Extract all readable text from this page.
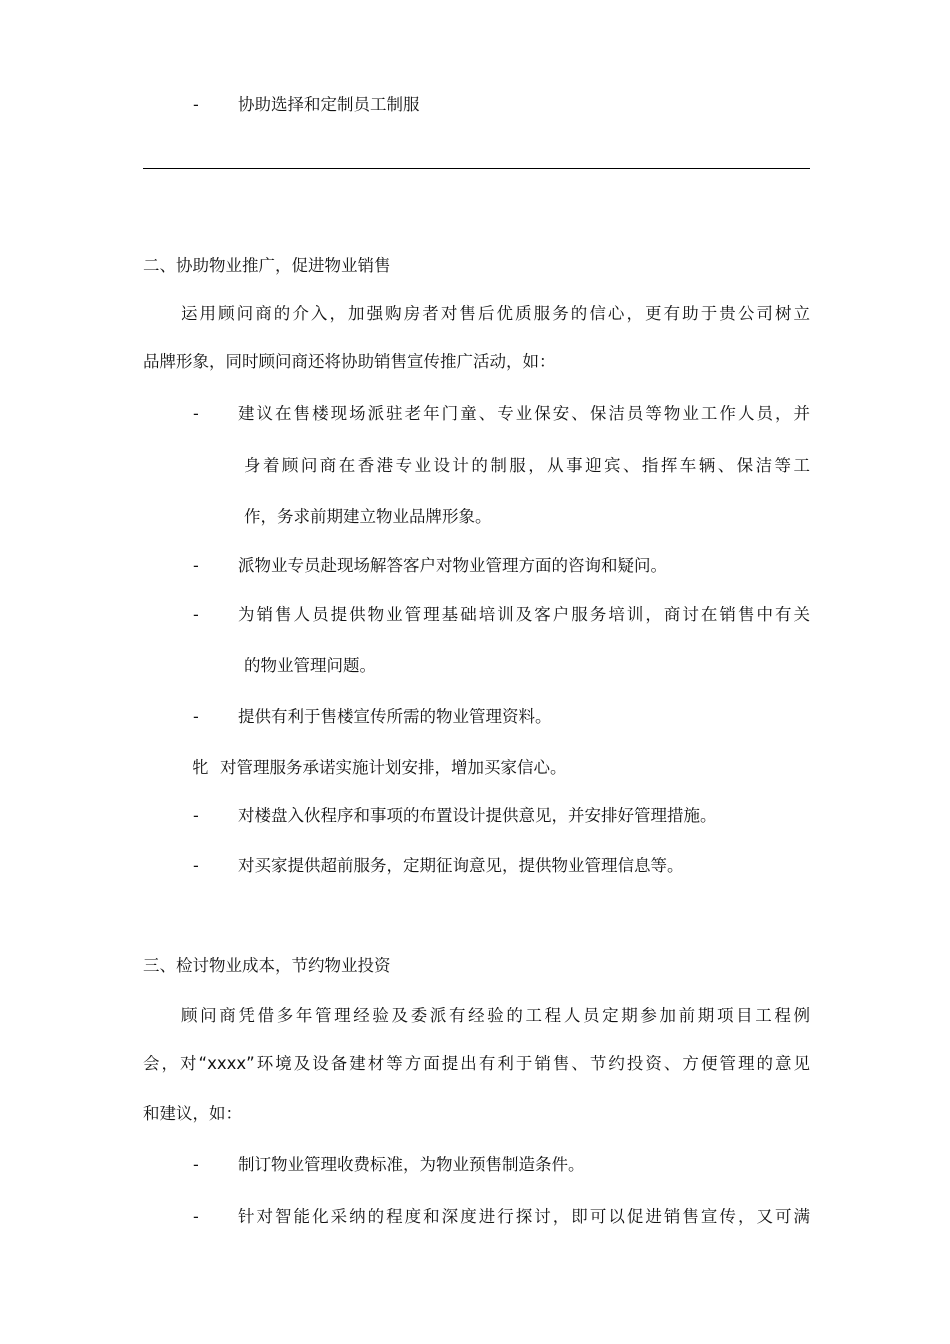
- 协助选择和定制员工制服
二、协助物业推广，促进物业销售
运用顾问商的介入，加强购房者对售后优质服务的信心，更有助于贵公司树立
品牌形象，同时顾问商还将协助销售宣传推广活动，如：
- 建议在售楼现场派驻老年门童、专业保安、保洁员等物业工作人员，并
身着顾问商在香港专业设计的制服，从事迎宾、指挥车辆、保洁等工
作，务求前期建立物业品牌形象。
- 派物业专员赴现场解答客户对物业管理方面的咨询和疑问。
- 为销售人员提供物业管理基础培训及客户服务培训，商讨在销售中有关
的物业管理问题。
- 提供有利于售楼宣传所需的物业管理资料。
牝 对管理服务承诺实施计划安排，增加买家信心。
- 对楼盘入伙程序和事项的布置设计提供意见，并安排好管理措施。
- 对买家提供超前服务，定期征询意见，提供物业管理信息等。
三、检讨物业成本，节约物业投资
顾问商凭借多年管理经验及委派有经验的工程人员定期参加前期项目工程例
会，对“xxxx”环境及设备建材等方面提出有利于销售、节约投资、方便管理的意见
和建议，如：
- 制订物业管理收费标准，为物业预售制造条件。
- 针对智能化采纳的程度和深度进行探讨，即可以促进销售宣传，又可满
